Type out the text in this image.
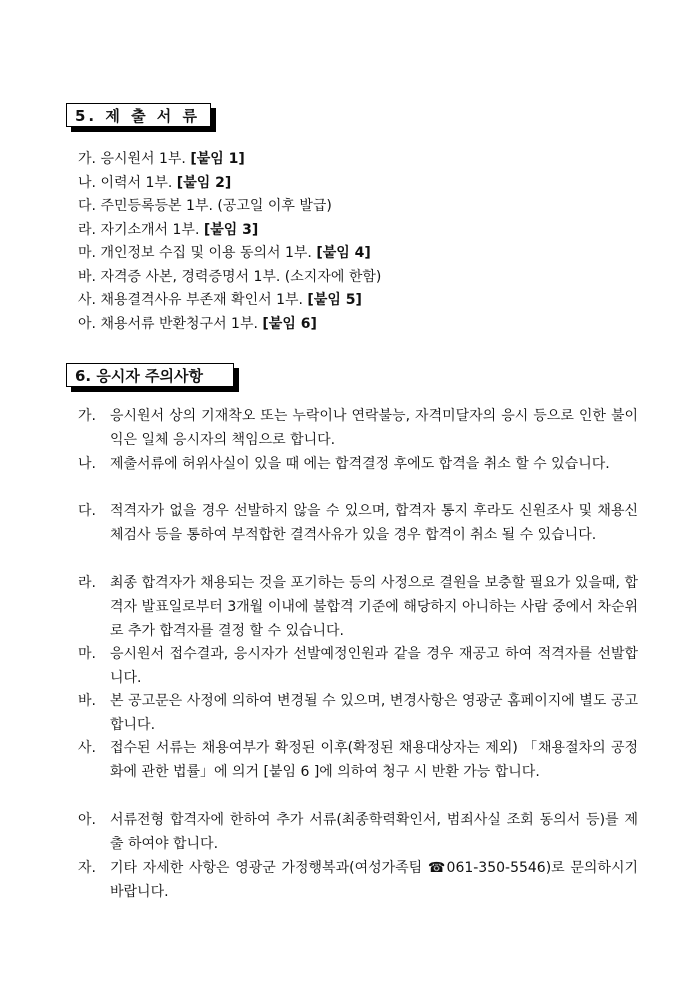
5. 제 출 서 류
가. 응시원서 1부. [붙임 1]
나. 이력서 1부. [붙임 2]
다. 주민등록등본 1부. (공고일 이후 발급)
라. 자기소개서 1부. [붙임 3]
마. 개인정보 수집 및 이용 동의서 1부. [붙임 4]
바. 자격증 사본, 경력증명서 1부. (소지자에 한함)
사. 채용결격사유 부존재 확인서 1부. [붙임 5]
아. 채용서류 반환청구서 1부. [붙임 6]
6. 응시자 주의사항
가. 응시원서 상의 기재착오 또는 누락이나 연락불능, 자격미달자의 응시 등으로 인한 불이익은 일체 응시자의 책임으로 합니다.
나. 제출서류에 허위사실이 있을 때 에는 합격결정 후에도 합격을 취소 할 수 있습니다.
다. 적격자가 없을 경우 선발하지 않을 수 있으며, 합격자 통지 후라도 신원조사 및 채용신체검사 등을 통하여 부적합한 결격사유가 있을 경우 합격이 취소 될 수 있습니다.
라. 최종 합격자가 채용되는 것을 포기하는 등의 사정으로 결원을 보충할 필요가 있을때, 합격자 발표일로부터 3개월 이내에 불합격 기준에 해당하지 아니하는 사람 중에서 차순위로 추가 합격자를 결정 할 수 있습니다.
마. 응시원서 접수결과, 응시자가 선발예정인원과 같을 경우 재공고 하여 적격자를 선발합니다.
바. 본 공고문은 사정에 의하여 변경될 수 있으며, 변경사항은 영광군 홈페이지에 별도 공고합니다.
사. 접수된 서류는 채용여부가 확정된 이후(확정된 채용대상자는 제외) 「채용절차의 공정화에 관한 법률」에 의거 [붙임 6 ]에 의하여 청구 시 반환 가능 합니다.
아. 서류전형 합격자에 한하여 추가 서류(최종학력확인서, 범죄사실 조회 동의서 등)를 제출 하여야 합니다.
자. 기타 자세한 사항은 영광군 가정행복과(여성가족팀 ☎061-350-5546)로 문의하시기 바랍니다.
